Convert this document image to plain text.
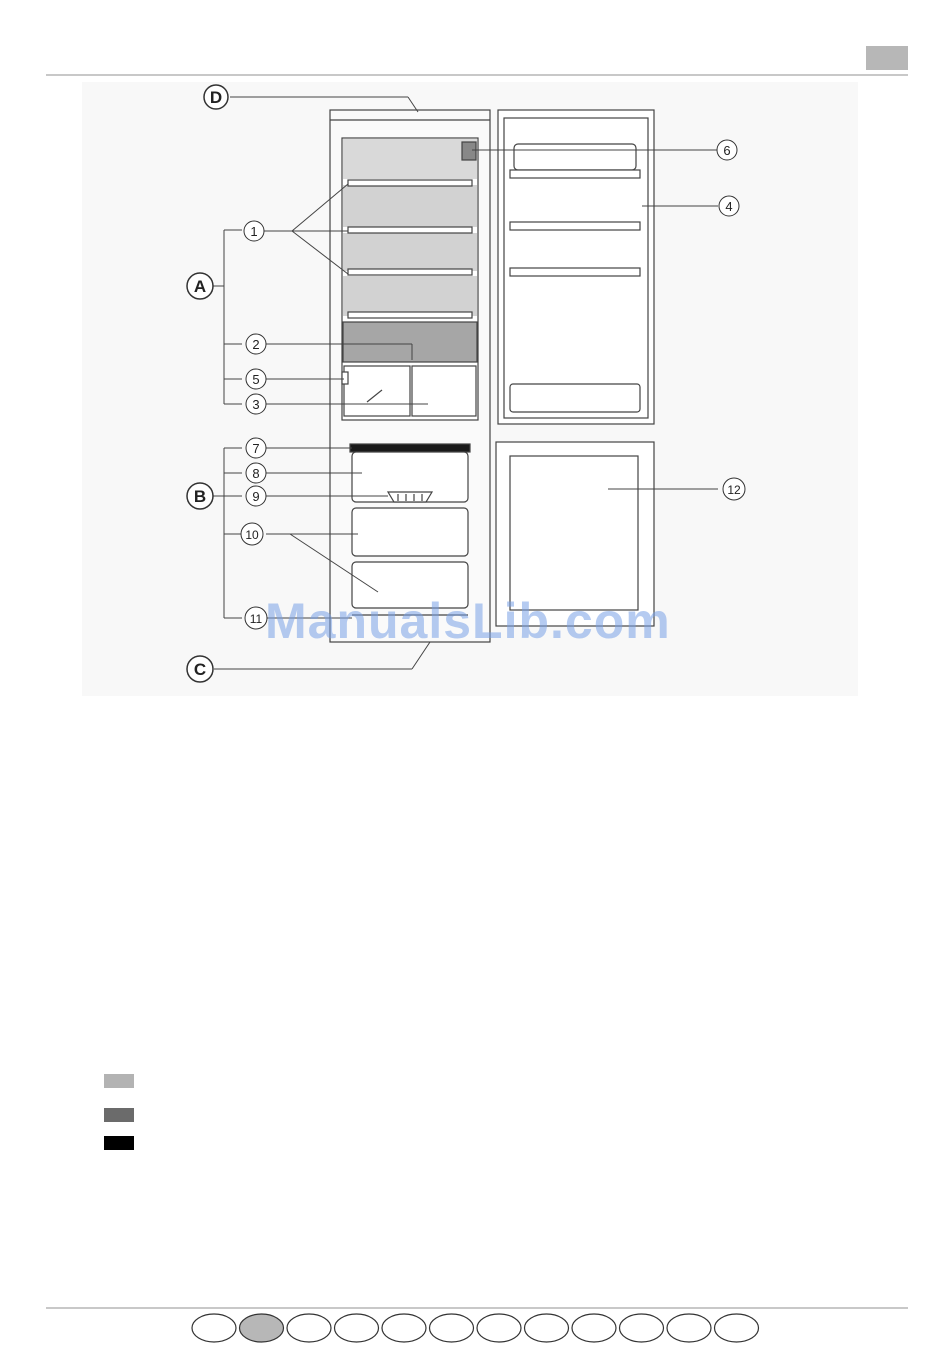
D
A
B
C
1
2
5
3
6
4
7
8
9
10
11
12
ManualsLib.com
